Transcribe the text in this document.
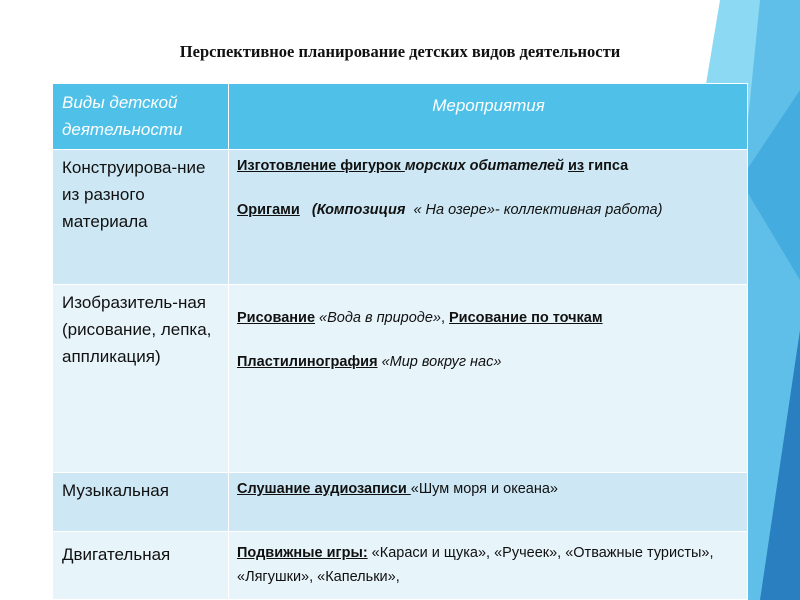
Перспективное планирование детских видов деятельности
Виды детской деятельности	Мероприятия
Конструирова-ние из разного материала	Изготовление фигурок морских обитателей из гипса
Оригами   (Композиция  « На озере»- коллективная работа)

Изобразитель-ная (рисование, лепка, аппликация)	Рисование «Вода в природе», Рисование по точкам
Пластилинография «Мир вокруг нас»

Музыкальная	Слушание аудиозаписи «Шум моря и океана»

Двигательная	Подвижные игры: «Караси и щука», «Ручеек», «Отважные туристы», «Лягушки», «Капельки»,
